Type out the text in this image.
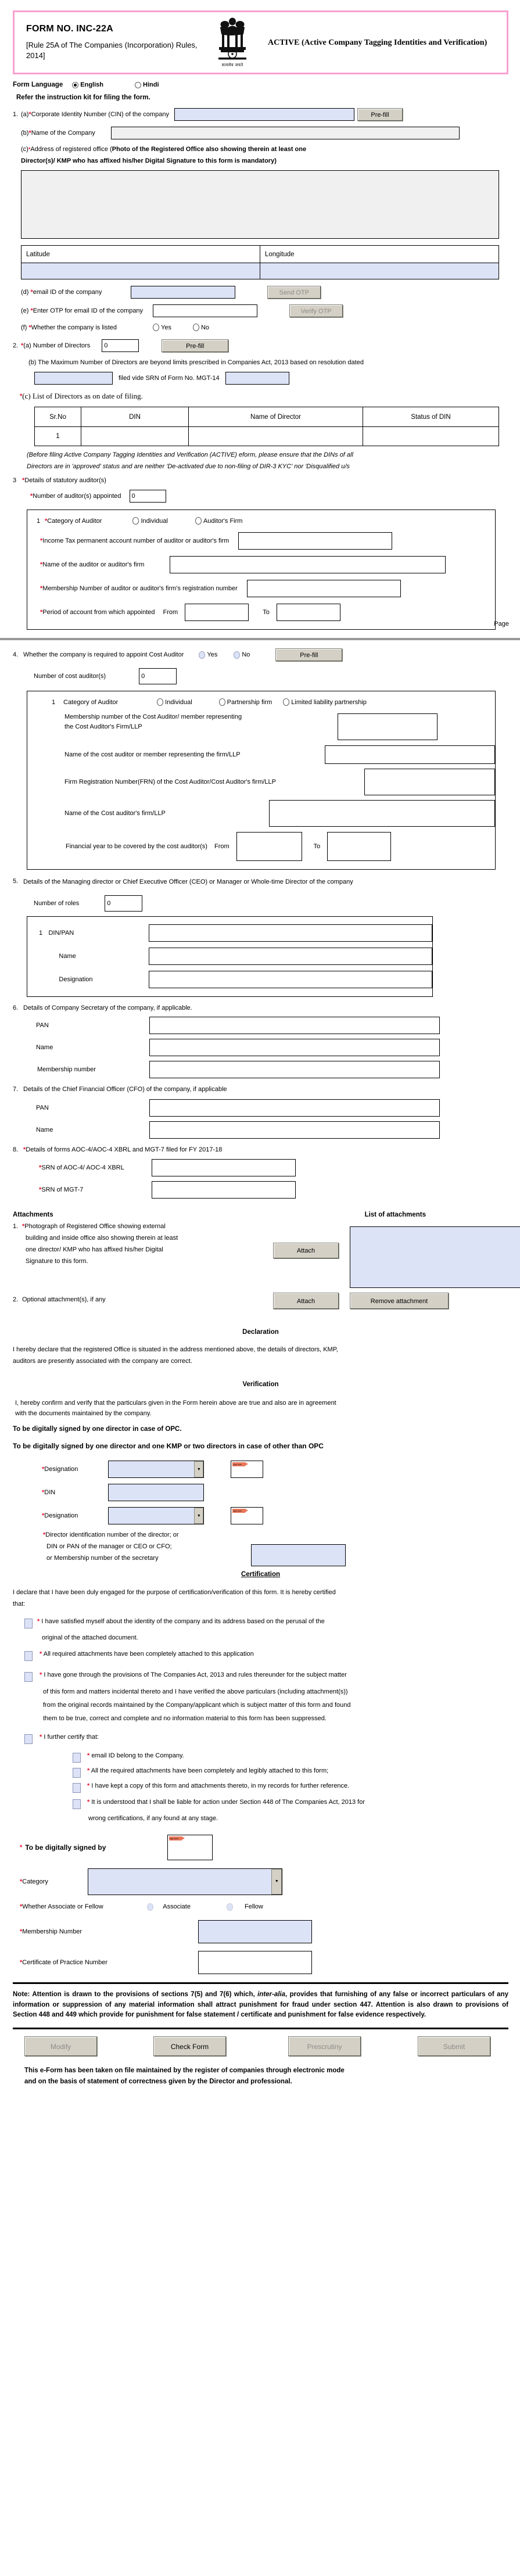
FORM NO. INC-22A
[Rule 25A of The Companies (Incorporation) Rules, 2014]
सत्यमेव जयते
ACTIVE (Active Company Tagging Identities and Verification)
Form Language	English	Hindi
Refer the instruction kit for filing the form.
1. (a) * Corporate Identity Number (CIN) of the company	Pre-fill
(b) * Name of the Company
(c) * Address of registered office ( Photo of the Registered Office also showing therein at least one
Director(s)/ KMP who has affixed his/her Digital Signature to this form is mandatory)
Latitude	Longitude

(d) * email ID of the company	Send OTP
(e) * Enter OTP for email ID of the company	Verify OTP
(f) * Whether the company is listed	Yes	No
2. * (a) Number of Directors
0	Pre-fill
(b) The Maximum Number of Directors are beyond limits prescribed in Companies Act, 2013 based on resolution dated
filed vide SRN of Form No. MGT-14
* (c) List of Directors as on date of filing.
Sr.No	DIN	Name of Director	Status of DIN
1			
(Before filing Active Company Tagging Identities and Verification (ACTIVE) eform, please ensure that the DINs of all
Directors are in 'approved' status and are neither 'De-activated due to non-filing of DIR-3 KYC' nor 'Disqualified u/s
3 * Details of statutory auditor(s)
* Number of auditor(s) appointed
0
1 * Category of Auditor	Individual	Auditor's Firm
* Income Tax permanent account number of auditor or auditor's firm
* Name of the auditor or auditor's firm
* Membership Number of auditor or auditor's firm's registration number
* Period of account from which appointed From	To
Page
4. Whether the company is required to appoint Cost Auditor	Yes	No	Pre-fill
Number of cost auditor(s)
0
1	Category of Auditor	Individual	Partnership firm	Limited liability partnership
Membership number of the Cost Auditor/ member representing
the Cost Auditor's Firm/LLP
Name of the cost auditor or member representing the firm/LLP
Firm Registration Number(FRN) of the Cost Auditor/Cost Auditor's firm/LLP
Name of the Cost auditor's firm/LLP
Financial year to be covered by the cost auditor(s) From	To
5. Details of the Managing director or Chief Executive Officer (CEO) or Manager or Whole-time Director of the company
Number of roles
0
1 DIN/PAN
Name
Designation
6. Details of Company Secretary of the company, if applicable.
PAN
Name
Membership number
7. Details of the Chief Financial Officer (CFO) of the company, if applicable
PAN
Name
8. * Details of forms AOC-4/AOC-4 XBRL and MGT-7 filed for FY 2017-18
* SRN of AOC-4/ AOC-4 XBRL
* SRN of MGT-7
List of attachments
Attachments
1. * Photograph of Registered Office showing external
building and inside office also showing therein at least
one director/ KMP who has affixed his/her Digital
Signature to this form.
Attach
2. Optional attachment(s), if any	Attach	Remove attachment
Declaration
I hereby declare that the registered Office is situated in the address mentioned above, the details of directors, KMP,
auditors are presently associated with the company are correct.
Verification
I, hereby confirm and verify that the particulars given in the Form herein above are true and also are in agreement
with the documents maintained by the company.
To be digitally signed by one director in case of OPC.
To be digitally signed by one director and one KMP or two directors in case of other than OPC
* Designation	▼
sign here
* DIN
* Designation	▼
sign here
* Director identification number of the director; or
DIN or PAN of the manager or CEO or CFO;
or Membership number of the secretary
Certification
I declare that I have been duly engaged for the purpose of certification/verification of this form. It is hereby certified
that:
* I have satisfied myself about the identity of the company and its address based on the perusal of the
original of the attached document.
* All required attachments have been completely attached to this application
* I have gone through the provisions of The Companies Act, 2013 and rules thereunder for the subject matter
of this form and matters incidental thereto and I have verified the above particulars (including attachment(s))
from the original records maintained by the Company/applicant which is subject matter of this form and found
them to be true, correct and complete and no information material to this form has been suppressed.
* I further certify that:
* email ID belong to the Company.
* All the required attachments have been completely and legibly attached to this form;
* I have kept a copy of this form and attachments thereto, in my records for further reference.
* It is understood that I shall be liable for action under Section 448 of The Companies Act, 2013 for
wrong certifications, if any found at any stage.
* To be digitally signed by
sign here
* Category	▼
* Whether Associate or Fellow	Associate	Fellow
* Membership Number
* Certificate of Practice Number
Note: Attention is drawn to the provisions of sections 7(5) and 7(6) which, inter-alia, provides that furnishing of any false or incorrect particulars of any information or suppression of any material information shall attract punishment for fraud under section 447. Attention is also drawn to provisions of Section 448 and 449 which provide for punishment for false statement / certificate and punishment for false evidence respectively.
Modify	Check Form	Prescrutiny	Submit
This e-Form has been taken on file maintained by the register of companies through electronic mode
and on the basis of statement of correctness given by the Director and professional.
